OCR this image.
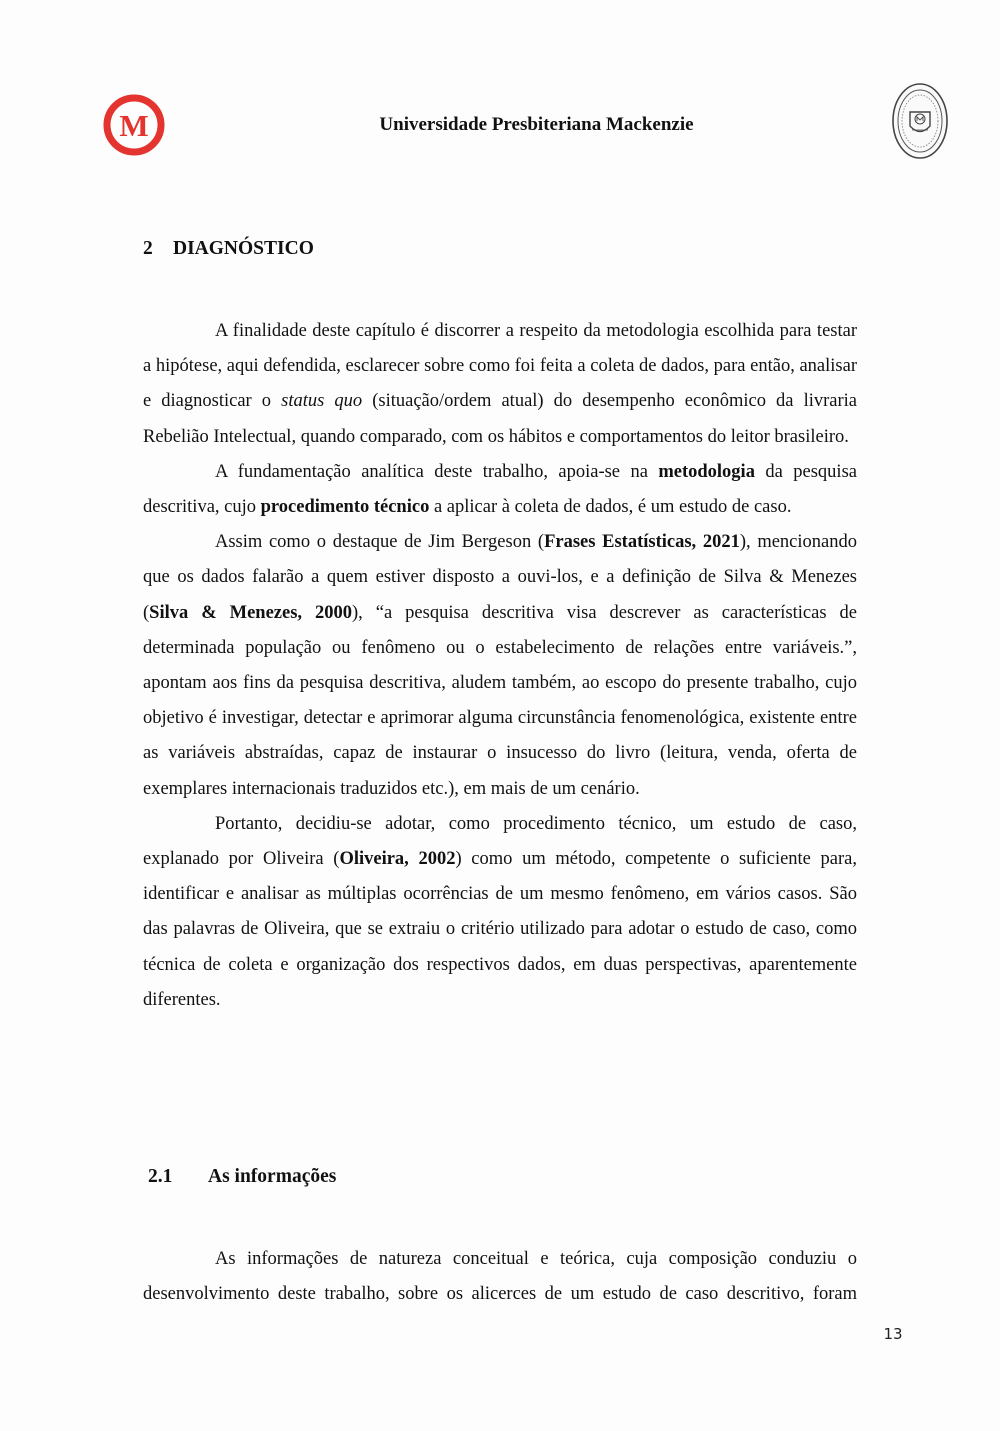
M	Universidade Presbiteriana Mackenzie
2 DIAGNÓSTICO

A finalidade deste capítulo é discorrer a respeito da metodologia escolhida para testar a hipótese, aqui defendida, esclarecer sobre como foi feita a coleta de dados, para então, analisar e diagnosticar o status quo (situação/ordem atual) do desempenho econômico da livraria Rebelião Intelectual, quando comparado, com os hábitos e comportamentos do leitor brasileiro.

A fundamentação analítica deste trabalho, apoia-se na metodologia da pesquisa descritiva, cujo procedimento técnico a aplicar à coleta de dados, é um estudo de caso.

Assim como o destaque de Jim Bergeson (Frases Estatísticas, 2021), mencionando que os dados falarão a quem estiver disposto a ouvi-los, e a definição de Silva & Menezes (Silva & Menezes, 2000), “a pesquisa descritiva visa descrever as características de determinada população ou fenômeno ou o estabelecimento de relações entre variáveis.”, apontam aos fins da pesquisa descritiva, aludem também, ao escopo do presente trabalho, cujo objetivo é investigar, detectar e aprimorar alguma circunstância fenomenológica, existente entre as variáveis abstraídas, capaz de instaurar o insucesso do livro (leitura, venda, oferta de exemplares internacionais traduzidos etc.), em mais de um cenário.

Portanto, decidiu-se adotar, como procedimento técnico, um estudo de caso, explanado por Oliveira (Oliveira, 2002) como um método, competente o suficiente para, identificar e analisar as múltiplas ocorrências de um mesmo fenômeno, em vários casos. São das palavras de Oliveira, que se extraiu o critério utilizado para adotar o estudo de caso, como técnica de coleta e organização dos respectivos dados, em duas perspectivas, aparentemente diferentes.

2.1 As informações
As informações de natureza conceitual e teórica, cuja composição conduziu o
desenvolvimento deste trabalho, sobre os alicerces de um estudo de caso descritivo, foram
13
